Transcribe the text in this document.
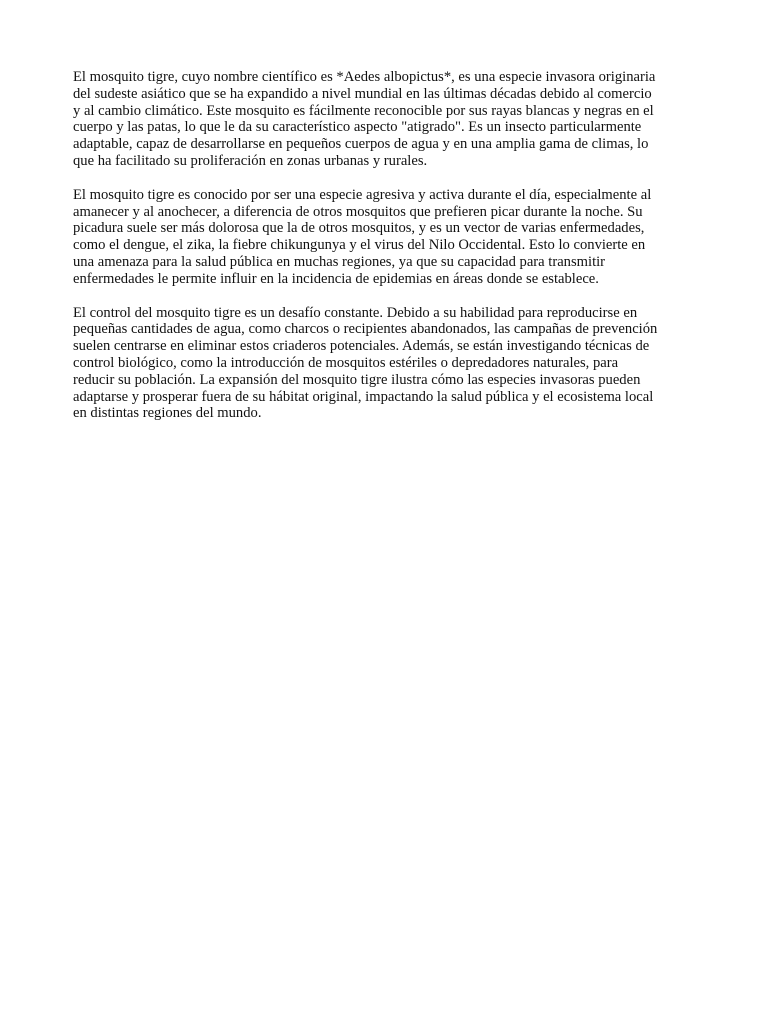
El mosquito tigre, cuyo nombre científico es *Aedes albopictus*, es una especie invasora originaria
del sudeste asiático que se ha expandido a nivel mundial en las últimas décadas debido al comercio
y al cambio climático. Este mosquito es fácilmente reconocible por sus rayas blancas y negras en el
cuerpo y las patas, lo que le da su característico aspecto "atigrado". Es un insecto particularmente
adaptable, capaz de desarrollarse en pequeños cuerpos de agua y en una amplia gama de climas, lo
que ha facilitado su proliferación en zonas urbanas y rurales.

El mosquito tigre es conocido por ser una especie agresiva y activa durante el día, especialmente al
amanecer y al anochecer, a diferencia de otros mosquitos que prefieren picar durante la noche. Su
picadura suele ser más dolorosa que la de otros mosquitos, y es un vector de varias enfermedades,
como el dengue, el zika, la fiebre chikungunya y el virus del Nilo Occidental. Esto lo convierte en
una amenaza para la salud pública en muchas regiones, ya que su capacidad para transmitir
enfermedades le permite influir en la incidencia de epidemias en áreas donde se establece.

El control del mosquito tigre es un desafío constante. Debido a su habilidad para reproducirse en
pequeñas cantidades de agua, como charcos o recipientes abandonados, las campañas de prevención
suelen centrarse en eliminar estos criaderos potenciales. Además, se están investigando técnicas de
control biológico, como la introducción de mosquitos estériles o depredadores naturales, para
reducir su población. La expansión del mosquito tigre ilustra cómo las especies invasoras pueden
adaptarse y prosperar fuera de su hábitat original, impactando la salud pública y el ecosistema local
en distintas regiones del mundo.
